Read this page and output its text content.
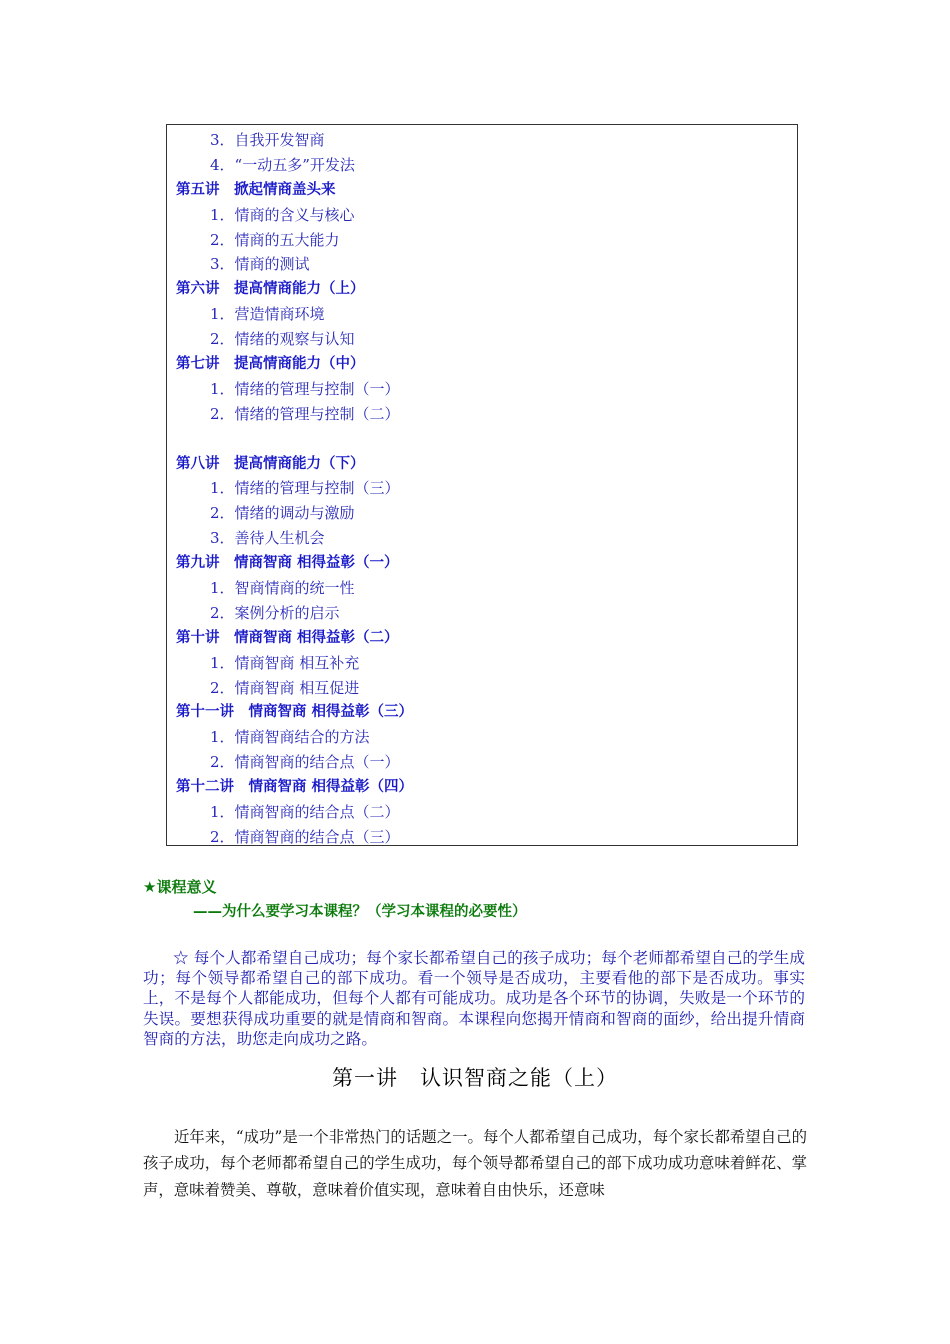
3．自我开发智商
4．“一动五多”开发法
第五讲　掀起情商盖头来
1．情商的含义与核心
2．情商的五大能力
3．情商的测试
第六讲　提高情商能力（上）
1．营造情商环境
2．情绪的观察与认知
第七讲　提高情商能力（中）
1．情绪的管理与控制（一）
2．情绪的管理与控制（二）
第八讲　提高情商能力（下）
1．情绪的管理与控制（三）
2．情绪的调动与激励
3．善待人生机会
第九讲　情商智商 相得益彰（一）
1．智商情商的统一性
2．案例分析的启示
第十讲　情商智商 相得益彰（二）
1．情商智商 相互补充
2．情商智商 相互促进
第十一讲　情商智商 相得益彰（三）
1．情商智商结合的方法
2．情商智商的结合点（一）
第十二讲　情商智商 相得益彰（四）
1．情商智商的结合点（二）
2．情商智商的结合点（三）
★课程意义
——为什么要学习本课程？（学习本课程的必要性）

☆ 每个人都希望自己成功；每个家长都希望自己的孩子成功；每个老师都希望自己的学生成功；每个领导都希望自己的部下成功。看一个领导是否成功，主要看他的部下是否成功。事实上，不是每个人都能成功，但每个人都有可能成功。成功是各个环节的协调，失败是一个环节的失误。要想获得成功重要的就是情商和智商。本课程向您揭开情商和智商的面纱，给出提升情商智商的方法，助您走向成功之路。

第一讲　认识智商之能（上）

近年来，“成功”是一个非常热门的话题之一。每个人都希望自己成功，每个家长都希望自己的孩子成功，每个老师都希望自己的学生成功，每个领导都希望自己的部下成功成功意味着鲜花、掌声，意味着赞美、尊敬，意味着价值实现，意味着自由快乐，还意味
